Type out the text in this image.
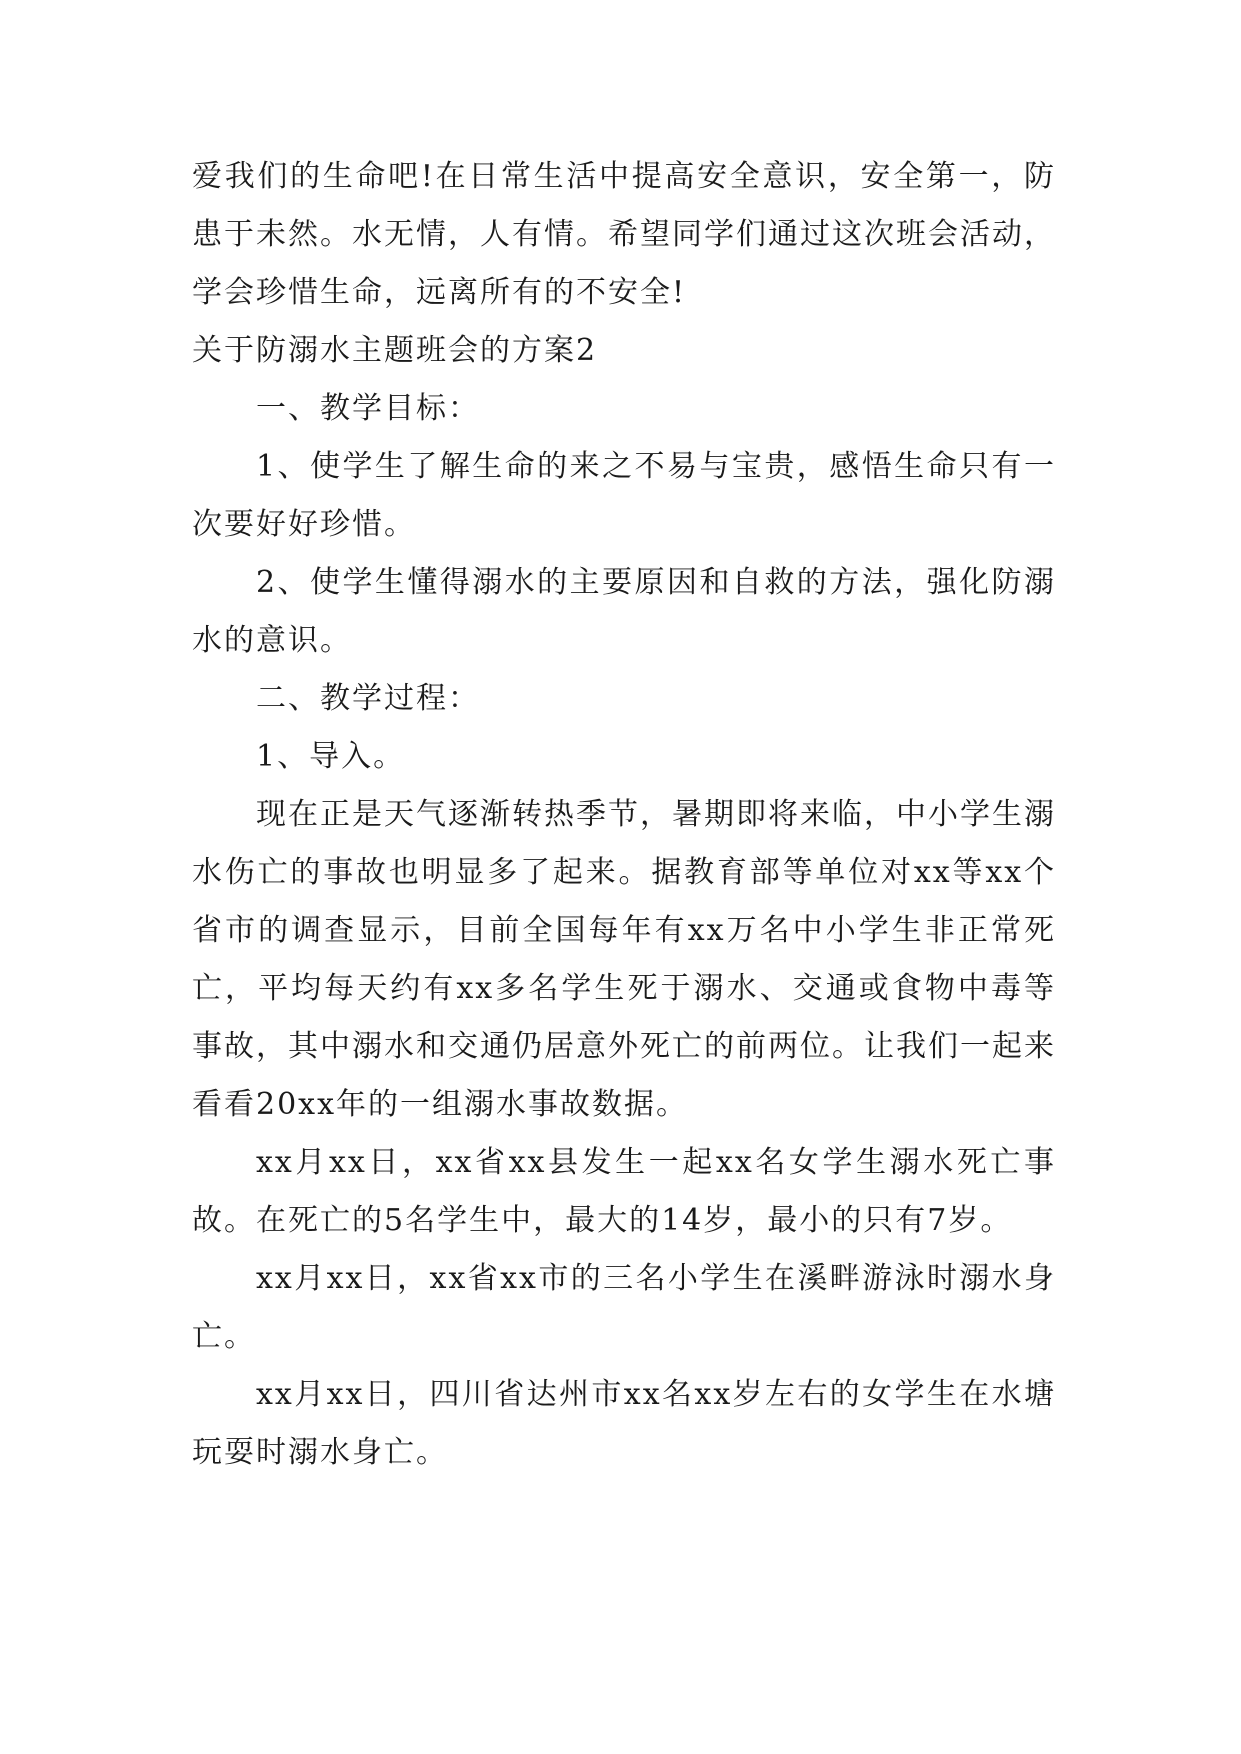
爱我们的生命吧!在日常生活中提高安全意识，安全第一，防患于未然。水无情，人有情。希望同学们通过这次班会活动，学会珍惜生命，远离所有的不安全!

关于防溺水主题班会的方案2

一、教学目标：

1、使学生了解生命的来之不易与宝贵，感悟生命只有一次要好好珍惜。

2、使学生懂得溺水的主要原因和自救的方法，强化防溺水的意识。

二、教学过程：

1、导入。

现在正是天气逐渐转热季节，暑期即将来临，中小学生溺水伤亡的事故也明显多了起来。据教育部等单位对xx等xx个省市的调查显示，目前全国每年有xx万名中小学生非正常死亡，平均每天约有xx多名学生死于溺水、交通或食物中毒等事故，其中溺水和交通仍居意外死亡的前两位。让我们一起来看看20xx年的一组溺水事故数据。

xx月xx日，xx省xx县发生一起xx名女学生溺水死亡事故。在死亡的5名学生中，最大的14岁，最小的只有7岁。

xx月xx日，xx省xx市的三名小学生在溪畔游泳时溺水身亡。

xx月xx日，四川省达州市xx名xx岁左右的女学生在水塘玩耍时溺水身亡。
